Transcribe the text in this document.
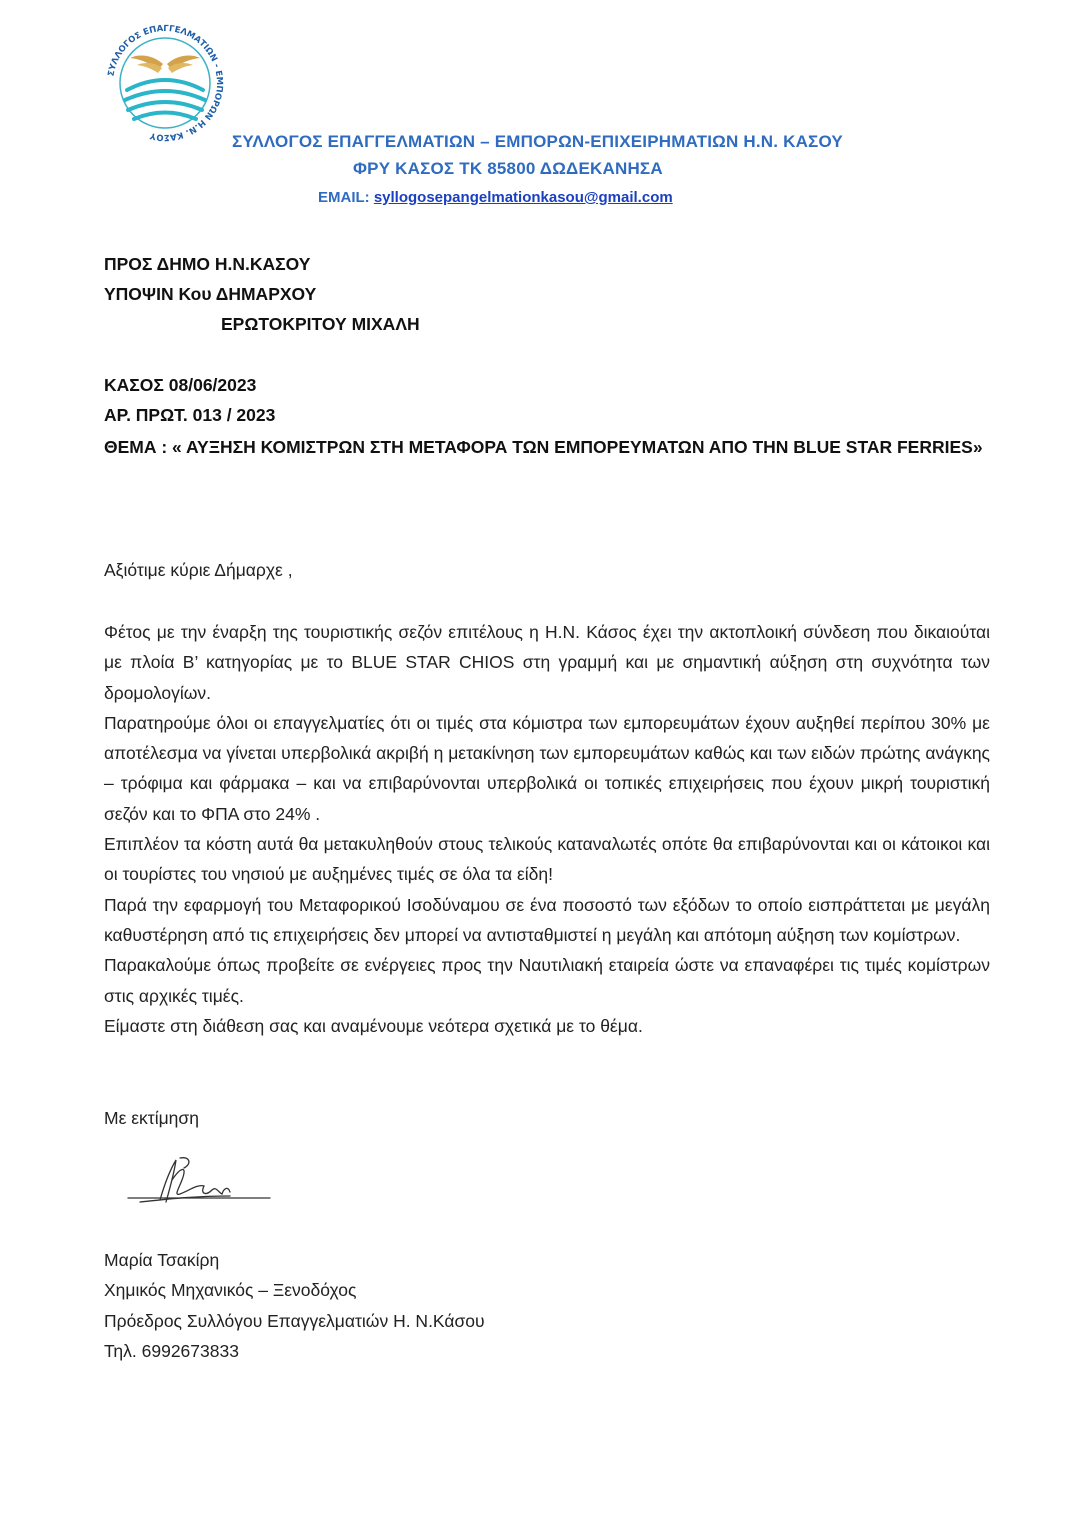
ΣΥΛΛΟΓΟΣ ΕΠΑΓΓΕΛΜΑΤΙΩΝ - ΕΜΠΟΡΩΝ Η.Ν. ΚΑΣΟΥ	ΣΥΛΛΟΓΟΣ ΕΠΑΓΓΕΛΜΑΤΙΩΝ – ΕΜΠΟΡΩΝ-ΕΠΙΧΕΙΡΗΜΑΤΙΩΝ Η.Ν. ΚΑΣΟΥ
ΦΡΥ ΚΑΣΟΣ ΤΚ 85800 ΔΩΔΕΚΑΝΗΣΑ
EMAIL: syllogosepangelmationkasou@gmail.com
ΠΡΟΣ ΔΗΜΟ Η.Ν.ΚΑΣΟΥ
ΥΠΟΨΙΝ Κου ΔΗΜΑΡΧΟΥ
ΕΡΩΤΟΚΡΙΤΟΥ ΜΙΧΑΛΗ
ΚΑΣΟΣ 08/06/2023
ΑΡ. ΠΡΩΤ. 013 / 2023
ΘΕΜΑ : « ΑΥΞΗΣΗ ΚΟΜΙΣΤΡΩΝ ΣΤΗ ΜΕΤΑΦΟΡΑ ΤΩΝ ΕΜΠΟΡΕΥΜΑΤΩΝ ΑΠΟ ΤΗΝ BLUE STAR FERRIES»
Αξιότιμε κύριε Δήμαρχε ,

Φέτος με την έναρξη της τουριστικής σεζόν επιτέλους η Η.Ν. Κάσος έχει την ακτοπλοική σύνδεση που δικαιούται με πλοία Β’ κατηγορίας με το BLUE STAR CHIOS στη γραμμή και με σημαντική αύξηση στη συχνότητα των δρομολογίων.

Παρατηρούμε όλοι οι επαγγελματίες ότι οι τιμές στα κόμιστρα των εμπορευμάτων έχουν αυξηθεί περίπου 30% με αποτέλεσμα να γίνεται υπερβολικά ακριβή η μετακίνηση των εμπορευμάτων καθώς και των ειδών πρώτης ανάγκης – τρόφιμα και φάρμακα – και να επιβαρύνονται υπερβολικά οι τοπικές επιχειρήσεις που έχουν μικρή τουριστική σεζόν και το ΦΠΑ στο 24% .

Επιπλέον τα κόστη αυτά θα μετακυληθούν στους τελικούς καταναλωτές οπότε θα επιβαρύνονται και οι κάτοικοι και οι τουρίστες του νησιού με αυξημένες τιμές σε όλα τα είδη!

Παρά την εφαρμογή του Μεταφορικού Ισοδύναμου σε ένα ποσοστό των εξόδων το οποίο εισπράττεται με μεγάλη καθυστέρηση από τις επιχειρήσεις δεν μπορεί να αντισταθμιστεί η μεγάλη και απότομη αύξηση των κομίστρων.

Παρακαλούμε όπως προβείτε σε ενέργειες προς την Ναυτιλιακή εταιρεία ώστε να επαναφέρει τις τιμές κομίστρων στις αρχικές τιμές.

Είμαστε στη διάθεση σας και αναμένουμε νεότερα σχετικά με το θέμα.

Με εκτίμηση
Μαρία Τσακίρη
Χημικός Μηχανικός – Ξενοδόχος
Πρόεδρος Συλλόγου Επαγγελματιών Η. Ν.Κάσου
Τηλ. 6992673833
